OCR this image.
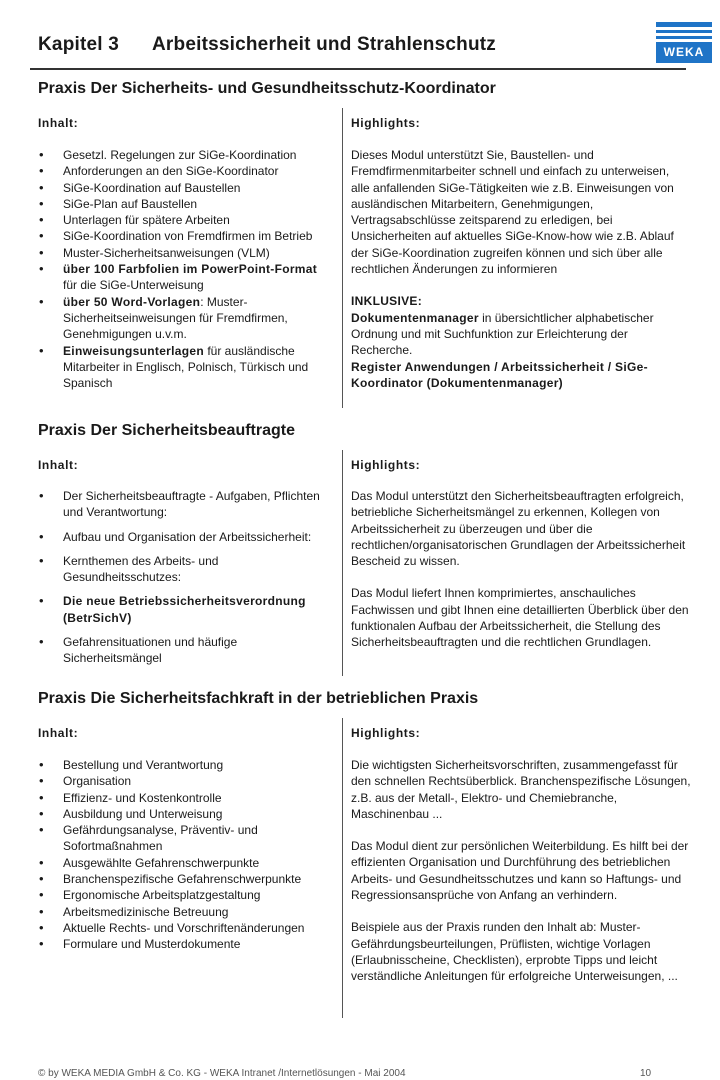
Kapitel 3 Arbeitssicherheit und Strahlenschutz	WEKA
Praxis Der Sicherheits- und Gesundheitsschutz-Koordinator
Inhalt:	Highlights:
• Gesetzl. Regelungen zur SiGe-Koordination
• Anforderungen an den SiGe-Koordinator
• SiGe-Koordination auf Baustellen
• SiGe-Plan auf Baustellen
• Unterlagen für spätere Arbeiten
• SiGe-Koordination von Fremdfirmen im Betrieb
• Muster-Sicherheitsanweisungen (VLM)
• über 100 Farbfolien im PowerPoint-Format für die SiGe-Unterweisung
• über 50 Word-Vorlagen: Muster-Sicherheitseinweisungen für Fremdfirmen, Genehmigungen u.v.m.
• Einweisungsunterlagen für ausländische Mitarbeiter in Englisch, Polnisch, Türkisch und Spanisch

Dieses Modul unterstützt Sie, Baustellen- und Fremdfirmenmitarbeiter schnell und einfach zu unterweisen, alle anfallenden SiGe-Tätigkeiten wie z.B. Einweisungen von ausländischen Mitarbeitern, Genehmigungen, Vertragsabschlüsse zeitsparend zu erledigen, bei Unsicherheiten auf aktuelles SiGe-Know-how wie z.B. Ablauf der SiGe-Koordination zugreifen können und sich über alle rechtlichen Änderungen zu informieren

INKLUSIVE:
Dokumentenmanager in übersichtlicher alphabetischer Ordnung und mit Suchfunktion zur Erleichterung der Recherche.
Register Anwendungen / Arbeitssicherheit / SiGe-Koordinator (Dokumentenmanager)
Praxis Der Sicherheitsbeauftragte
Inhalt:	Highlights:
• Der Sicherheitsbeauftragte - Aufgaben, Pflichten und Verantwortung:
• Aufbau und Organisation der Arbeitssicherheit:
• Kernthemen des Arbeits- und Gesundheitsschutzes:
• Die neue Betriebssicherheitsverordnung (BetrSichV)
• Gefahrensituationen und häufige Sicherheitsmängel

Das Modul unterstützt den Sicherheitsbeauftragten erfolgreich, betriebliche Sicherheitsmängel zu erkennen, Kollegen von Arbeitssicherheit zu überzeugen und über die rechtlichen/organisatorischen Grundlagen der Arbeitssicherheit Bescheid zu wissen.

Das Modul liefert Ihnen komprimiertes, anschauliches Fachwissen und gibt Ihnen eine detaillierten Überblick über den funktionalen Aufbau der Arbeitssicherheit, die Stellung des Sicherheitsbeauftragten und die rechtlichen Grundlagen.

Praxis Die Sicherheitsfachkraft in der betrieblichen Praxis
Inhalt:	Highlights:
• Bestellung und Verantwortung
• Organisation
• Effizienz- und Kostenkontrolle
• Ausbildung und Unterweisung
• Gefährdungsanalyse, Präventiv- und Sofortmaßnahmen
• Ausgewählte Gefahrenschwerpunkte
• Branchenspezifische Gefahrenschwerpunkte
• Ergonomische Arbeitsplatzgestaltung
• Arbeitsmedizinische Betreuung
• Aktuelle Rechts- und Vorschriftenänderungen
• Formulare und Musterdokumente

Die wichtigsten Sicherheitsvorschriften, zusammengefasst für den schnellen Rechtsüberblick. Branchenspezifische Lösungen, z.B. aus der Metall-, Elektro- und Chemiebranche, Maschinenbau ...

Das Modul dient zur persönlichen Weiterbildung. Es hilft bei der effizienten Organisation und Durchführung des betrieblichen Arbeits- und Gesundheitsschutzes und kann so Haftungs- und Regressionsansprüche von Anfang an verhindern.

Beispiele aus der Praxis runden den Inhalt ab: Muster-Gefährdungsbeurteilungen, Prüflisten, wichtige Vorlagen (Erlaubnisscheine, Checklisten), erprobte Tipps und leicht verständliche Anleitungen für erfolgreiche Unterweisungen, ...

© by WEKA MEDIA GmbH & Co. KG - WEKA Intranet /Internetlösungen - Mai 2004	10
